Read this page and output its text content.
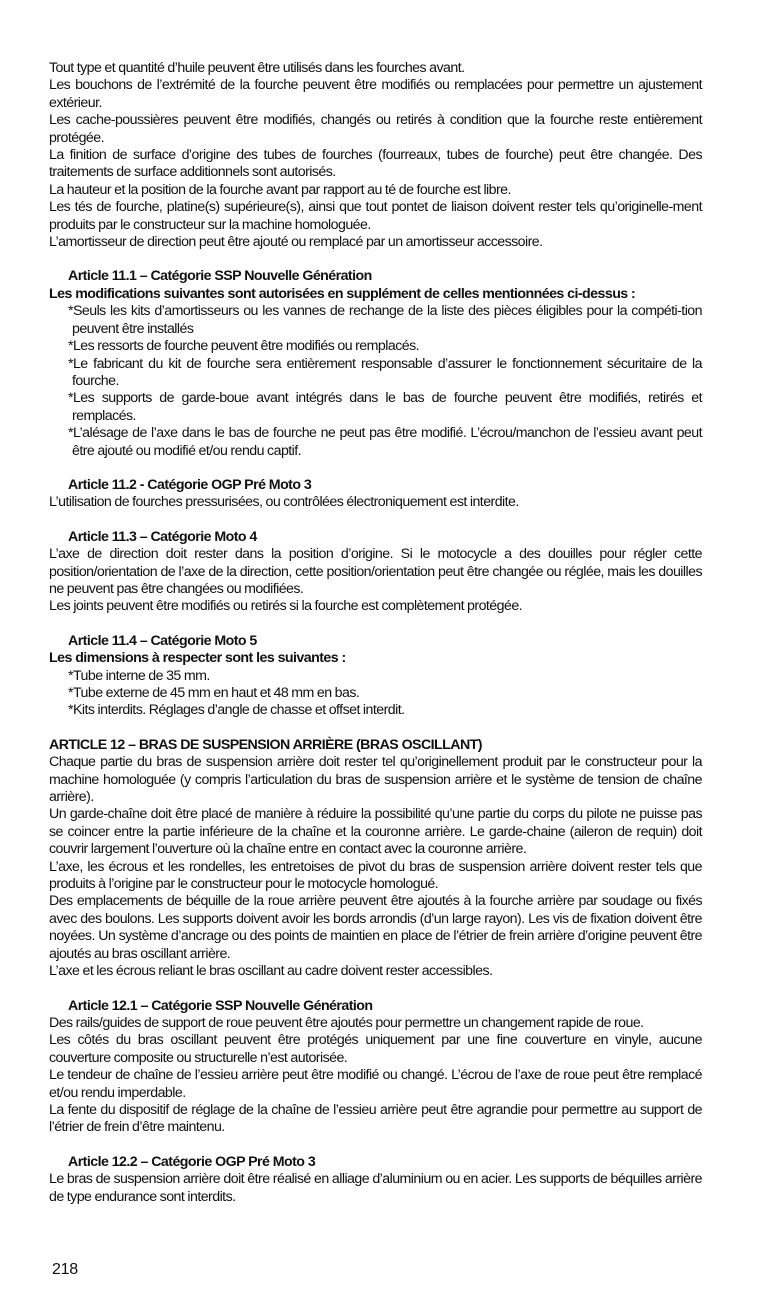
Tout type et quantité d’huile peuvent être utilisés dans les fourches avant.

Les bouchons de l’extrémité de la fourche peuvent être modifiés ou remplacées pour permettre un ajustement extérieur.

Les cache-poussières peuvent être modifiés, changés ou retirés à condition que la fourche reste entièrement protégée.

La finition de surface d’origine des tubes de fourches (fourreaux, tubes de fourche) peut être changée. Des traitements de surface additionnels sont autorisés.

La hauteur et la position de la fourche avant par rapport au té de fourche est libre.

Les tés de fourche, platine(s) supérieure(s), ainsi que tout pontet de liaison doivent rester tels qu’originelle-ment produits par le constructeur sur la machine homologuée.

L’amortisseur de direction peut être ajouté ou remplacé par un amortisseur accessoire.

Article 11.1 – Catégorie SSP Nouvelle Génération
Les modifications suivantes sont autorisées en supplément de celles mentionnées ci-dessus :

*Seuls les kits d’amortisseurs ou les vannes de rechange de la liste des pièces éligibles pour la compéti-tion peuvent être installés

*Les ressorts de fourche peuvent être modifiés ou remplacés.

*Le fabricant du kit de fourche sera entièrement responsable d’assurer le fonctionnement sécuritaire de la fourche.

*Les supports de garde-boue avant intégrés dans le bas de fourche peuvent être modifiés, retirés et remplacés.

*L’alésage de l’axe dans le bas de fourche ne peut pas être modifié. L’écrou/manchon de l’essieu avant peut être ajouté ou modifié et/ou rendu captif.

Article 11.2 - Catégorie OGP Pré Moto 3

L’utilisation de fourches pressurisées, ou contrôlées électroniquement est interdite.

Article 11.3 – Catégorie Moto 4

L’axe de direction doit rester dans la position d’origine. Si le motocycle a des douilles pour régler cette position/orientation de l’axe de la direction, cette position/orientation peut être changée ou réglée, mais les douilles ne peuvent pas être changées ou modifiées.

Les joints peuvent être modifiés ou retirés si la fourche est complètement protégée.

Article 11.4 – Catégorie Moto 5
Les dimensions à respecter sont les suivantes :

*Tube interne de 35 mm.

*Tube externe de 45 mm en haut et 48 mm en bas.

*Kits interdits. Réglages d’angle de chasse et offset interdit.

ARTICLE 12 – BRAS DE SUSPENSION ARRIÈRE (BRAS OSCILLANT)

Chaque partie du bras de suspension arrière doit rester tel qu’originellement produit par le constructeur pour la machine homologuée (y compris l’articulation du bras de suspension arrière et le système de tension de chaîne arrière).

Un garde-chaîne doit être placé de manière à réduire la possibilité qu’une partie du corps du pilote ne puisse pas se coincer entre la partie inférieure de la chaîne et la couronne arrière. Le garde-chaine (aileron de requin) doit couvrir largement l’ouverture où la chaîne entre en contact avec la couronne arrière.

L’axe, les écrous et les rondelles, les entretoises de pivot du bras de suspension arrière doivent rester tels que produits à l’origine par le constructeur pour le motocycle homologué.

Des emplacements de béquille de la roue arrière peuvent être ajoutés à la fourche arrière par soudage ou fixés avec des boulons. Les supports doivent avoir les bords arrondis (d’un large rayon). Les vis de fixation doivent être noyées. Un système d’ancrage ou des points de maintien en place de l’étrier de frein arrière d’origine peuvent être ajoutés au bras oscillant arrière.

L’axe et les écrous reliant le bras oscillant au cadre doivent rester accessibles.

Article 12.1 – Catégorie SSP Nouvelle Génération

Des rails/guides de support de roue peuvent être ajoutés pour permettre un changement rapide de roue.

Les côtés du bras oscillant peuvent être protégés uniquement par une fine couverture en vinyle, aucune couverture composite ou structurelle n’est autorisée.

Le tendeur de chaîne de l’essieu arrière peut être modifié ou changé. L’écrou de l’axe de roue peut être remplacé et/ou rendu imperdable.

La fente du dispositif de réglage de la chaîne de l’essieu arrière peut être agrandie pour permettre au support de l’étrier de frein d’être maintenu.

Article 12.2 – Catégorie OGP Pré Moto 3

Le bras de suspension arrière doit être réalisé en alliage d’aluminium ou en acier. Les supports de béquilles arrière de type endurance sont interdits.

218
